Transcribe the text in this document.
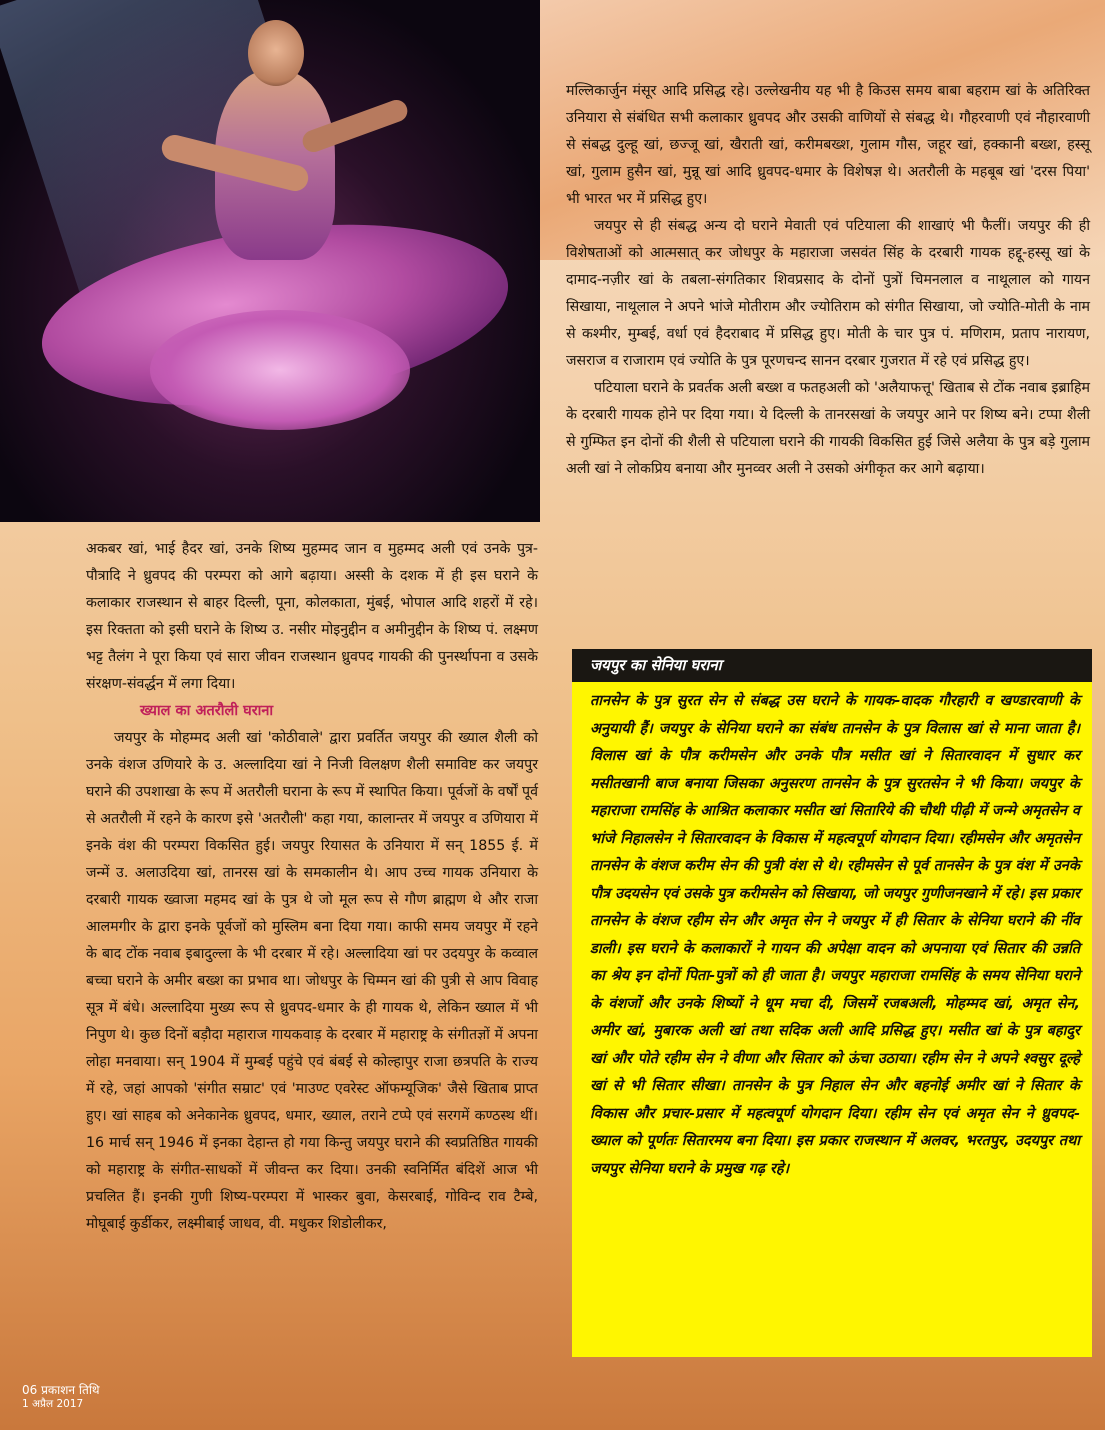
अकबर खां, भाई हैदर खां, उनके शिष्य मुहम्मद जान व मुहम्मद अली एवं उनके पुत्र-पौत्रादि ने ध्रुवपद की परम्परा को आगे बढ़ाया। अस्सी के दशक में ही इस घराने के कलाकार राजस्थान से बाहर दिल्ली, पूना, कोलकाता, मुंबई, भोपाल आदि शहरों में रहे। इस रिक्तता को इसी घराने के शिष्य उ. नसीर मोइनुद्दीन व अमीनुद्दीन के शिष्य पं. लक्ष्मण भट्ट तैलंग ने पूरा किया एवं सारा जीवन राजस्थान ध्रुवपद गायकी की पुनर्स्थापना व उसके संरक्षण-संवर्द्धन में लगा दिया।

ख्याल का अतरौली घराना

जयपुर के मोहम्मद अली खां 'कोठीवाले' द्वारा प्रवर्तित जयपुर की ख्याल शैली को उनके वंशज उणियारे के उ. अल्लादिया खां ने निजी विलक्षण शैली समाविष्ट कर जयपुर घराने की उपशाखा के रूप में अतरौली घराना के रूप में स्थापित किया। पूर्वजों के वर्षों पूर्व से अतरौली में रहने के कारण इसे 'अतरौली' कहा गया, कालान्तर में जयपुर व उणियारा में इनके वंश की परम्परा विकसित हुई। जयपुर रियासत के उनियारा में सन् 1855 ई. में जन्में उ. अलाउदिया खां, तानरस खां के समकालीन थे। आप उच्च गायक उनियारा के दरबारी गायक ख्वाजा महमद खां के पुत्र थे जो मूल रूप से गौण ब्राह्मण थे और राजा आलमगीर के द्वारा इनके पूर्वजों को मुस्लिम बना दिया गया। काफी समय जयपुर में रहने के बाद टोंक नवाब इबादुल्ला के भी दरबार में रहे। अल्लादिया खां पर उदयपुर के कव्वाल बच्चा घराने के अमीर बख्श का प्रभाव था। जोधपुर के चिम्मन खां की पुत्री से आप विवाह सूत्र में बंधे। अल्लादिया मुख्य रूप से ध्रुवपद-धमार के ही गायक थे, लेकिन ख्याल में भी निपुण थे। कुछ दिनों बड़ौदा महाराज गायकवाड़ के दरबार में महाराष्ट्र के संगीतज्ञों में अपना लोहा मनवाया। सन् 1904 में मुम्बई पहुंचे एवं बंबई से कोल्हापुर राजा छत्रपति के राज्य में रहे, जहां आपको 'संगीत सम्राट' एवं 'माउण्ट एवरेस्ट ऑफम्यूजिक' जैसे खिताब प्राप्त हुए। खां साहब को अनेकानेक ध्रुवपद, धमार, ख्याल, तराने टप्पे एवं सरगमें कण्ठस्थ थीं। 16 मार्च सन् 1946 में इनका देहान्त हो गया किन्तु जयपुर घराने की स्वप्रतिष्ठित गायकी को महाराष्ट्र के संगीत-साधकों में जीवन्त कर दिया। उनकी स्वनिर्मित बंदिशें आज भी प्रचलित हैं। इनकी गुणी शिष्य-परम्परा में भास्कर बुवा, केसरबाई, गोविन्द राव टैम्बे, मोघूबाई कुर्डीकर, लक्ष्मीबाई जाधव, वी. मधुकर शिडोलीकर,

मल्लिकार्जुन मंसूर आदि प्रसिद्ध रहे। उल्लेखनीय यह भी है किउस समय बाबा बहराम खां के अतिरिक्त उनियारा से संबंधित सभी कलाकार ध्रुवपद और उसकी वाणियों से संबद्ध थे। गौहरवाणी एवं नौहारवाणी से संबद्ध दुल्हू खां, छज्जू खां, खैराती खां, करीमबख्श, गुलाम गौस, जहूर खां, हक्कानी बख्श, हस्सू खां, गुलाम हुसैन खां, मुन्नू खां आदि ध्रुवपद-धमार के विशेषज्ञ थे। अतरौली के महबूब खां 'दरस पिया' भी भारत भर में प्रसिद्ध हुए।

जयपुर से ही संबद्ध अन्य दो घराने मेवाती एवं पटियाला की शाखाएं भी फैलीं। जयपुर की ही विशेषताओं को आत्मसात् कर जोधपुर के महाराजा जसवंत सिंह के दरबारी गायक हद्दू-हस्सू खां के दामाद-नज़ीर खां के तबला-संगतिकार शिवप्रसाद के दोनों पुत्रों चिमनलाल व नाथूलाल को गायन सिखाया, नाथूलाल ने अपने भांजे मोतीराम और ज्योतिराम को संगीत सिखाया, जो ज्योति-मोती के नाम से कश्मीर, मुम्बई, वर्धा एवं हैदराबाद में प्रसिद्ध हुए। मोती के चार पुत्र पं. मणिराम, प्रताप नारायण, जसराज व राजाराम एवं ज्योति के पुत्र पूरणचन्द सानन दरबार गुजरात में रहे एवं प्रसिद्ध हुए।

पटियाला घराने के प्रवर्तक अली बख्श व फतहअली को 'अलैयाफत्तू' खिताब से टोंक नवाब इब्राहिम के दरबारी गायक होने पर दिया गया। ये दिल्ली के तानरसखां के जयपुर आने पर शिष्य बने। टप्पा शैली से गुम्फित इन दोनों की शैली से पटियाला घराने की गायकी विकसित हुई जिसे अलैया के पुत्र बड़े गुलाम अली खां ने लोकप्रिय बनाया और मुनव्वर अली ने उसको अंगीकृत कर आगे बढ़ाया।

जयपुर का सेनिया घराना

तानसेन के पुत्र सुरत सेन से संबद्ध उस घराने के गायक-वादक गौरहारी व खण्डारवाणी के अनुयायी हैं। जयपुर के सेनिया घराने का संबंध तानसेन के पुत्र विलास खां से माना जाता है। विलास खां के पौत्र करीमसेन और उनके पौत्र मसीत खां ने सितारवादन में सुधार कर मसीतखानी बाज बनाया जिसका अनुसरण तानसेन के पुत्र सुरतसेन ने भी किया। जयपुर के महाराजा रामसिंह के आश्रित कलाकार मसीत खां सितारिये की चौथी पीढ़ी में जन्मे अमृतसेन व भांजे निहालसेन ने सितारवादन के विकास में महत्वपूर्ण योगदान दिया। रहीमसेन और अमृतसेन तानसेन के वंशज करीम सेन की पुत्री वंश से थे। रहीमसेन से पूर्व तानसेन के पुत्र वंश में उनके पौत्र उदयसेन एवं उसके पुत्र करीमसेन को सिखाया, जो जयपुर गुणीजनखाने में रहे। इस प्रकार तानसेन के वंशज रहीम सेन और अमृत सेन ने जयपुर में ही सितार के सेनिया घराने की नींव डाली। इस घराने के कलाकारों ने गायन की अपेक्षा वादन को अपनाया एवं सितार की उन्नति का श्रेय इन दोनों पिता-पुत्रों को ही जाता है। जयपुर महाराजा रामसिंह के समय सेनिया घराने के वंशजों और उनके शिष्यों ने धूम मचा दी, जिसमें रजबअली, मोहम्मद खां, अमृत सेन, अमीर खां, मुबारक अली खां तथा सदिक अली आदि प्रसिद्ध हुए। मसीत खां के पुत्र बहादुर खां और पोते रहीम सेन ने वीणा और सितार को ऊंचा उठाया। रहीम सेन ने अपने श्वसुर दूल्हे खां से भी सितार सीखा। तानसेन के पुत्र निहाल सेन और बहनोई अमीर खां ने सितार के विकास और प्रचार-प्रसार में महत्वपूर्ण योगदान दिया। रहीम सेन एवं अमृत सेन ने ध्रुवपद-ख्याल को पूर्णतः सितारमय बना दिया। इस प्रकार राजस्थान में अलवर, भरतपुर, उदयपुर तथा जयपुर सेनिया घराने के प्रमुख गढ़ रहे।

06 प्रकाशन तिथि
1 अप्रैल 2017
